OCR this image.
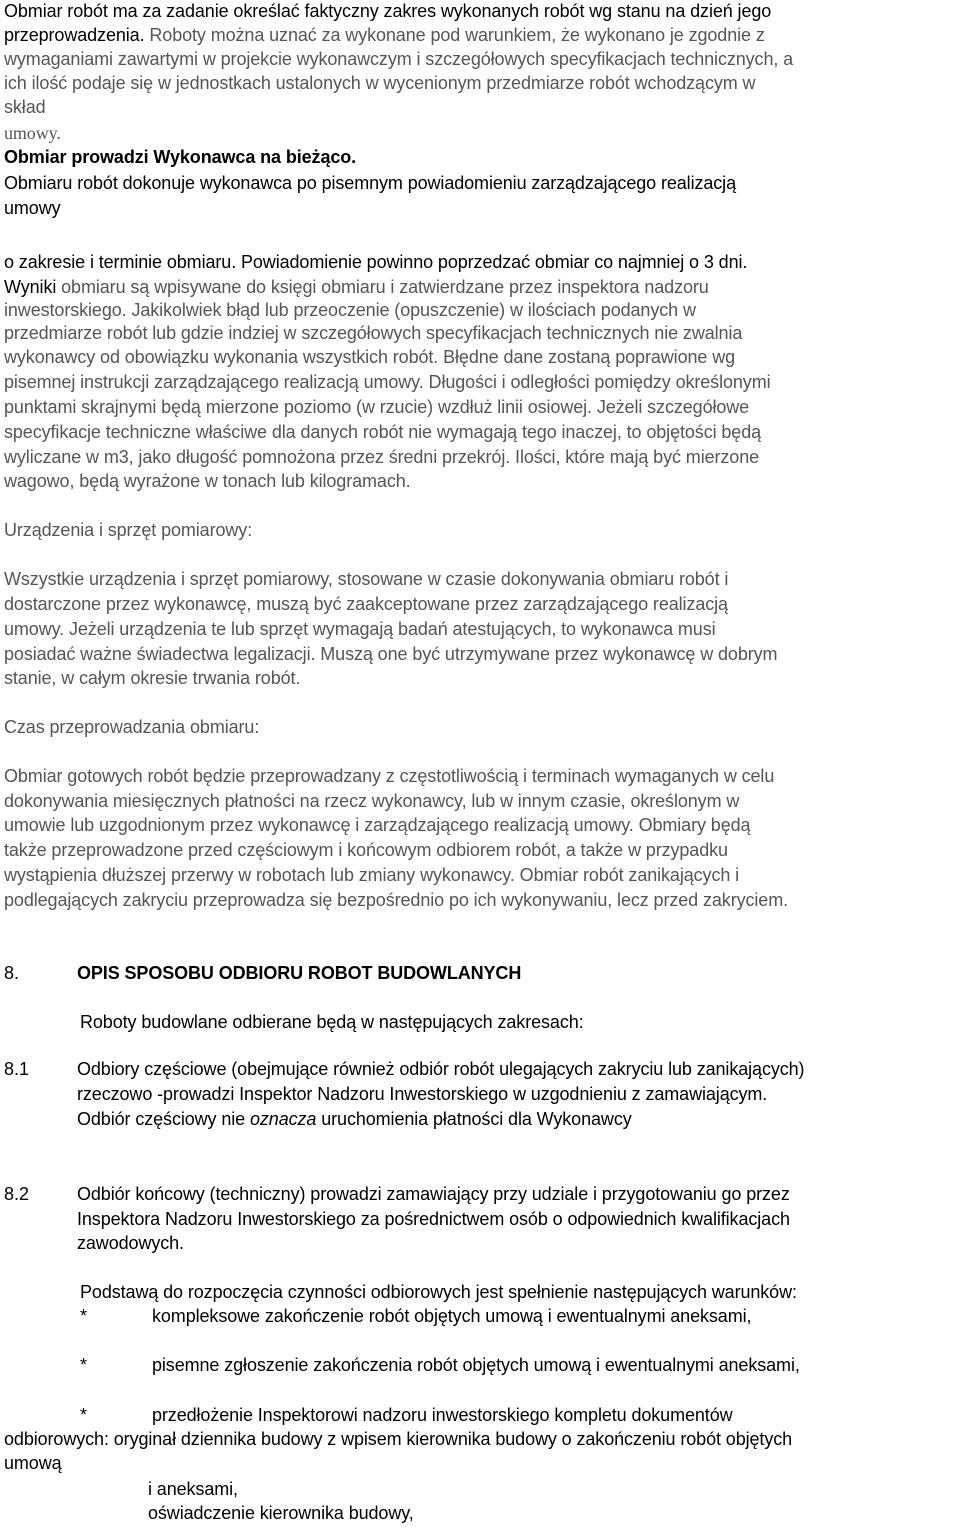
Obmiar robót ma za zadanie określać faktyczny zakres wykonanych robót wg stanu na dzień jego
przeprowadzenia. Roboty można uznać za wykonane pod warunkiem, że wykonano je zgodnie z
wymaganiami zawartymi w projekcie wykonawczym i szczegółowych specyfikacjach technicznych, a
ich ilość podaje się w jednostkach ustalonych w wycenionym przedmiarze robót wchodzącym w
skład
umowy.
Obmiar prowadzi Wykonawca na bieżąco.
Obmiaru robót dokonuje wykonawca po pisemnym powiadomieniu zarządzającego realizacją
umowy
o zakresie i terminie obmiaru. Powiadomienie powinno poprzedzać obmiar co najmniej o 3 dni.
Wyniki obmiaru są wpisywane do księgi obmiaru i zatwierdzane przez inspektora nadzoru
inwestorskiego. Jakikolwiek błąd lub przeoczenie (opuszczenie) w ilościach podanych w
przedmiarze robót lub gdzie indziej w szczegółowych specyfikacjach technicznych nie zwalnia
wykonawcy od obowiązku wykonania wszystkich robót. Błędne dane zostaną poprawione wg
pisemnej instrukcji zarządzającego realizacją umowy. Długości i odległości pomiędzy określonymi
punktami skrajnymi będą mierzone poziomo (w rzucie) wzdłuż linii osiowej. Jeżeli szczegółowe
specyfikacje techniczne właściwe dla danych robót nie wymagają tego inaczej, to objętości będą
wyliczane w m3, jako długość pomnożona przez średni przekrój. Ilości, które mają być mierzone
wagowo, będą wyrażone w tonach lub kilogramach.
Urządzenia i sprzęt pomiarowy:
Wszystkie urządzenia i sprzęt pomiarowy, stosowane w czasie dokonywania obmiaru robót i
dostarczone przez wykonawcę, muszą być zaakceptowane przez zarządzającego realizacją
umowy. Jeżeli urządzenia te lub sprzęt wymagają badań atestujących, to wykonawca musi
posiadać ważne świadectwa legalizacji. Muszą one być utrzymywane przez wykonawcę w dobrym
stanie, w całym okresie trwania robót.
Czas przeprowadzania obmiaru:
Obmiar gotowych robót będzie przeprowadzany z częstotliwością i terminach wymaganych w celu
dokonywania miesięcznych płatności na rzecz wykonawcy, lub w innym czasie, określonym w
umowie lub uzgodnionym przez wykonawcę i zarządzającego realizacją umowy. Obmiary będą
także przeprowadzone przed częściowym i końcowym odbiorem robót, a także w przypadku
wystąpienia dłuższej przerwy w robotach lub zmiany wykonawcy. Obmiar robót zanikających i
podlegających zakryciu przeprowadza się bezpośrednio po ich wykonywaniu, lecz przed zakryciem.
8.	OPIS SPOSOBU ODBIORU ROBOT BUDOWLANYCH
Roboty budowlane odbierane będą w następujących zakresach:
8.1	Odbiory częściowe (obejmujące również odbiór robót ulegających zakryciu lub zanikających)
rzeczowo -prowadzi Inspektor Nadzoru Inwestorskiego w uzgodnieniu z zamawiającym.
Odbiór częściowy nie oznacza uruchomienia płatności dla Wykonawcy
8.2	Odbiór końcowy (techniczny) prowadzi zamawiający przy udziale i przygotowaniu go przez
Inspektora Nadzoru Inwestorskiego za pośrednictwem osób o odpowiednich kwalifikacjach
zawodowych.
Podstawą do rozpoczęcia czynności odbiorowych jest spełnienie następujących warunków:
*	kompleksowe zakończenie robót objętych umową i ewentualnymi aneksami,
*	pisemne zgłoszenie zakończenia robót objętych umową i ewentualnymi aneksami,
*	przedłożenie Inspektorowi nadzoru inwestorskiego kompletu dokumentów
odbiorowych: oryginał dziennika budowy z wpisem kierownika budowy o zakończeniu robót objętych
umową
i aneksami,
oświadczenie kierownika budowy,
